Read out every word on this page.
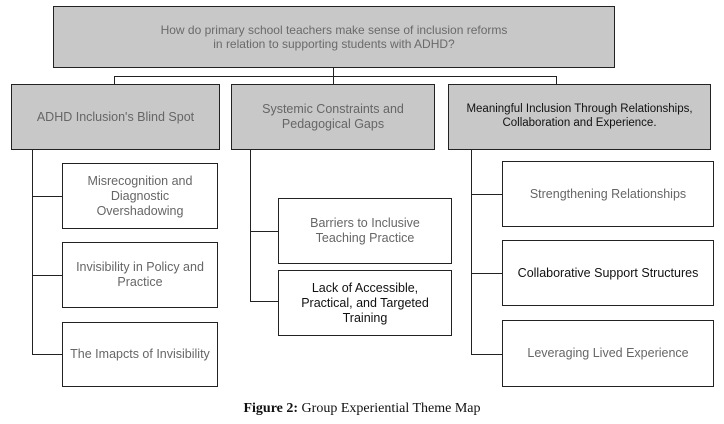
How do primary school teachers make sense of inclusion reforms
in relation to supporting students with ADHD?
ADHD Inclusion's Blind Spot
Systemic Constraints and Pedagogical Gaps
Meaningful Inclusion Through Relationships, Collaboration and Experience.
Misrecognition and Diagnostic Overshadowing
Invisibility in Policy and Practice
The Imapcts of Invisibility
Barriers to Inclusive Teaching Practice
Lack of Accessible, Practical, and Targeted Training
Strengthening Relationships
Collaborative Support Structures
Leveraging Lived Experience
Figure 2: Group Experiential Theme Map
